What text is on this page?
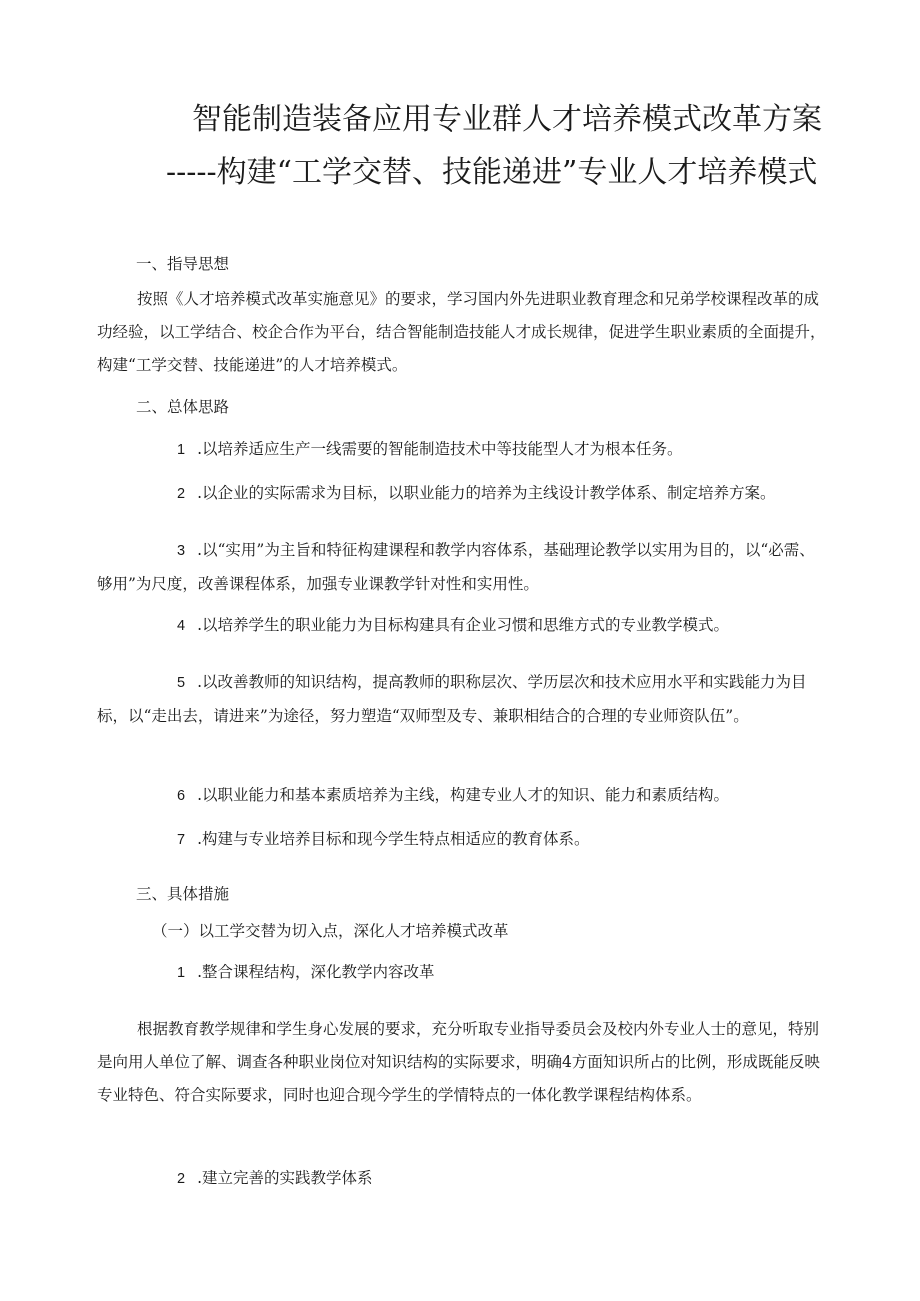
智能制造装备应用专业群人才培养模式改革方案
-----构建“工学交替、技能递进”专业人才培养模式
一、指导思想
按照《人才培养模式改革实施意见》的要求，学习国内外先进职业教育理念和兄弟学校课程改革的成功经验，以工学结合、校企合作为平台，结合智能制造技能人才成长规律，促进学生职业素质的全面提升，构建“工学交替、技能递进”的人才培养模式。
二、总体思路
1 .以培养适应生产一线需要的智能制造技术中等技能型人才为根本任务。
2 .以企业的实际需求为目标，以职业能力的培养为主线设计教学体系、制定培养方案。
3 .以“实用”为主旨和特征构建课程和教学内容体系，基础理论教学以实用为目的，以“必需、够用”为尺度，改善课程体系，加强专业课教学针对性和实用性。
4 .以培养学生的职业能力为目标构建具有企业习惯和思维方式的专业教学模式。
5 .以改善教师的知识结构，提高教师的职称层次、学历层次和技术应用水平和实践能力为目标，以“走出去，请进来”为途径，努力塑造“双师型及专、兼职相结合的合理的专业师资队伍”。
6 .以职业能力和基本素质培养为主线，构建专业人才的知识、能力和素质结构。
7 .构建与专业培养目标和现今学生特点相适应的教育体系。
三、具体措施
（一）以工学交替为切入点，深化人才培养模式改革
1 .整合课程结构，深化教学内容改革
根据教育教学规律和学生身心发展的要求，充分听取专业指导委员会及校内外专业人士的意见，特别是向用人单位了解、调查各种职业岗位对知识结构的实际要求，明确4方面知识所占的比例，形成既能反映专业特色、符合实际要求，同时也迎合现今学生的学情特点的一体化教学课程结构体系。
2 .建立完善的实践教学体系
